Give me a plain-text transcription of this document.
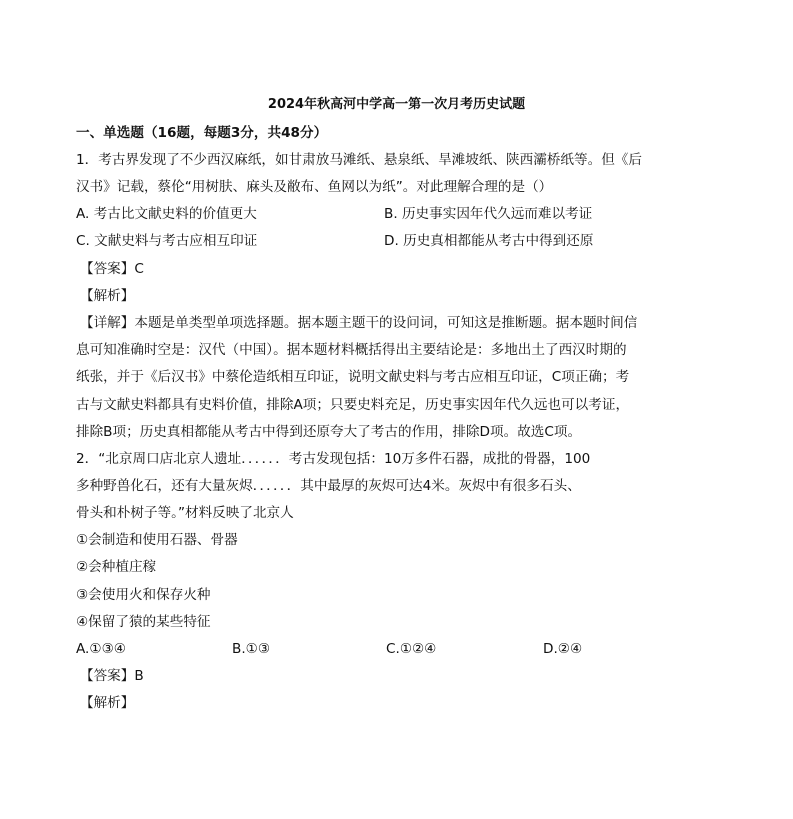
2024年秋高河中学高一第一次月考历史试题
一、单选题（16题，每题3分，共48分）
1．考古界发现了不少西汉麻纸，如甘肃放马滩纸、悬泉纸、旱滩坡纸、陕西灞桥纸等。但《后
汉书》记载，蔡伦“用树肤、麻头及敝布、鱼网以为纸”。对此理解合理的是（）
A. 考古比文献史料的价值更大	B. 历史事实因年代久远而难以考证
C. 文献史料与考古应相互印证	D. 历史真相都能从考古中得到还原
【答案】C
【解析】
【详解】本题是单类型单项选择题。据本题主题干的设问词，可知这是推断题。据本题时间信
息可知准确时空是：汉代（中国）。据本题材料概括得出主要结论是：多地出土了西汉时期的
纸张，并于《后汉书》中蔡伦造纸相互印证，说明文献史料与考古应相互印证，C项正确；考
古与文献史料都具有史料价值，排除A项；只要史料充足，历史事实因年代久远也可以考证，
排除B项；历史真相都能从考古中得到还原夸大了考古的作用，排除D项。故选C项。
2．“北京周口店北京人遗址．．．．．．考古发现包括：10万多件石器，成批的骨器，100
多种野兽化石，还有大量灰烬．．．．．．其中最厚的灰烬可达4米。灰烬中有很多石头、
骨头和朴树子等。”材料反映了北京人
①会制造和使用石器、骨器
②会种植庄稼
③会使用火和保存火种
④保留了猿的某些特征
A.①③④	B.①③	C.①②④	D.②④
【答案】B
【解析】
